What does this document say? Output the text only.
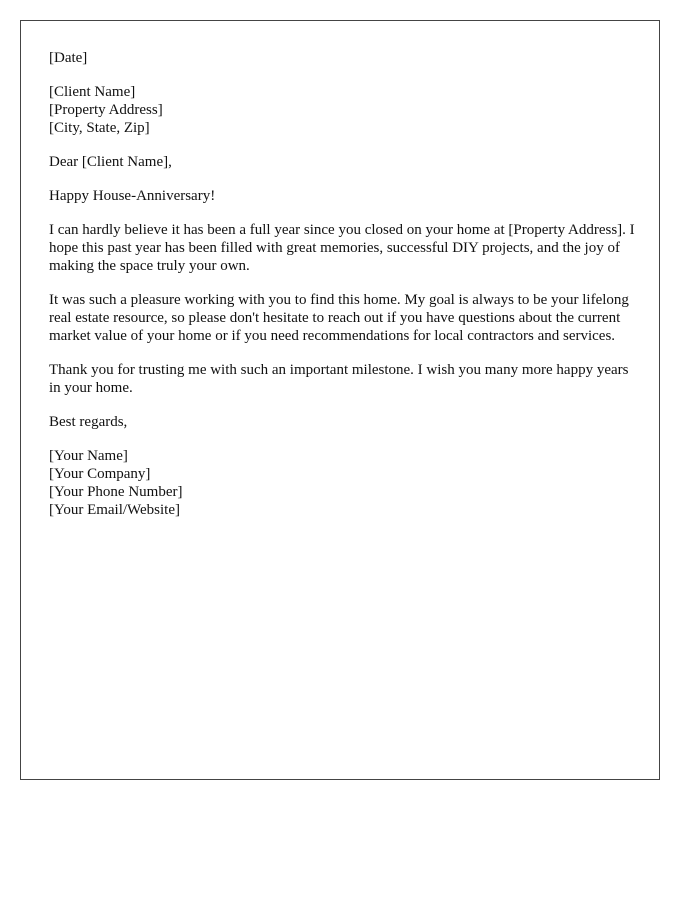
[Date]

[Client Name]
[Property Address]
[City, State, Zip]

Dear [Client Name],

Happy House-Anniversary!

I can hardly believe it has been a full year since you closed on your home at [Property Address]. I hope this past year has been filled with great memories, successful DIY projects, and the joy of making the space truly your own.

It was such a pleasure working with you to find this home. My goal is always to be your lifelong real estate resource, so please don't hesitate to reach out if you have questions about the current market value of your home or if you need recommendations for local contractors and services.

Thank you for trusting me with such an important milestone. I wish you many more happy years in your home.

Best regards,

[Your Name]
[Your Company]
[Your Phone Number]
[Your Email/Website]
